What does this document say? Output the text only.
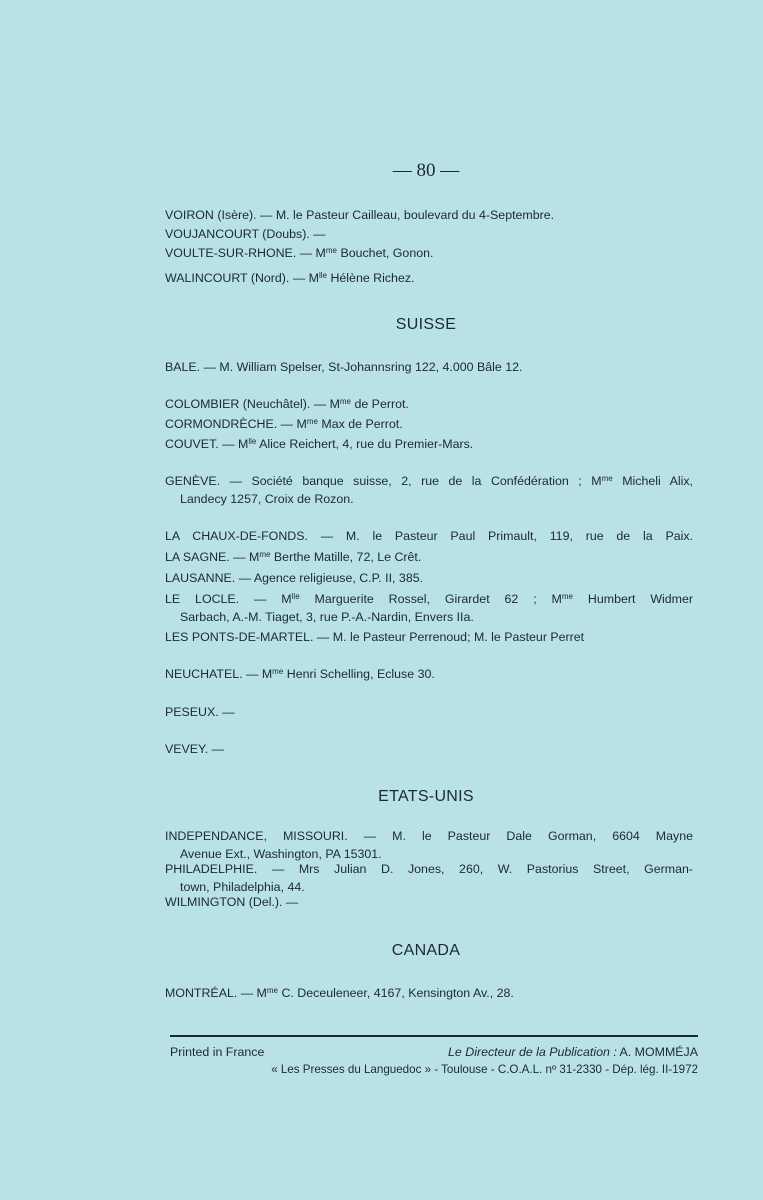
— 80 —
VOIRON (Isère). — M. le Pasteur Cailleau, boulevard du 4-Septembre.
VOUJANCOURT (Doubs). —
VOULTE-SUR-RHONE. — $M^{me}$ Bouchet, Gonon.
WALINCOURT (Nord). — $M^{lle}$ Hélène Richez.
SUISSE
BALE. — M. William Spelser, St-Johannsring 122, 4.000 Bâle 12.
COLOMBIER (Neuchâtel). — $M^{me}$ de Perrot.
CORMONDRÈCHE. — $M^{me}$ Max de Perrot.
COUVET. — $M^{lle}$ Alice Reichert, 4, rue du Premier-Mars.
GENÈVE. — Société banque suisse, 2, rue de la Confédération ; $M^{me}$ Micheli Alix,
Landecy 1257, Croix de Rozon.
LA CHAUX-DE-FONDS. — M. le Pasteur Paul Primault, 119, rue de la Paix.
LA SAGNE. — $M^{me}$ Berthe Matille, 72, Le Crêt.
LAUSANNE. — Agence religieuse, C.P. II, 385.
LE LOCLE. — $M^{lle}$ Marguerite Rossel, Girardet 62 ; $M^{me}$ Humbert Widmer
Sarbach, A.-M. Tiaget, 3, rue P.-A.-Nardin, Envers IIa.
LES PONTS-DE-MARTEL. — M. le Pasteur Perrenoud; M. le Pasteur Perret
NEUCHATEL. — $M^{me}$ Henri Schelling, Ecluse 30.
PESEUX. —
VEVEY. —
ETATS-UNIS
INDEPENDANCE, MISSOURI. — M. le Pasteur Dale Gorman, 6604 Mayne
Avenue Ext., Washington, PA 15301.
PHILADELPHIE. — Mrs Julian D. Jones, 260, W. Pastorius Street, German-
town, Philadelphia, 44.
WILMINGTON (Del.). —
CANADA
MONTRÉAL. — $M^{me}$ C. Deceuleneer, 4167, Kensington Av., 28.
Printed in France	Le Directeur de la Publication : A. MOMMÉJA
« Les Presses du Languedoc » - Toulouse - C.O.A.L. nº 31-2330 - Dép. lég. II-1972
